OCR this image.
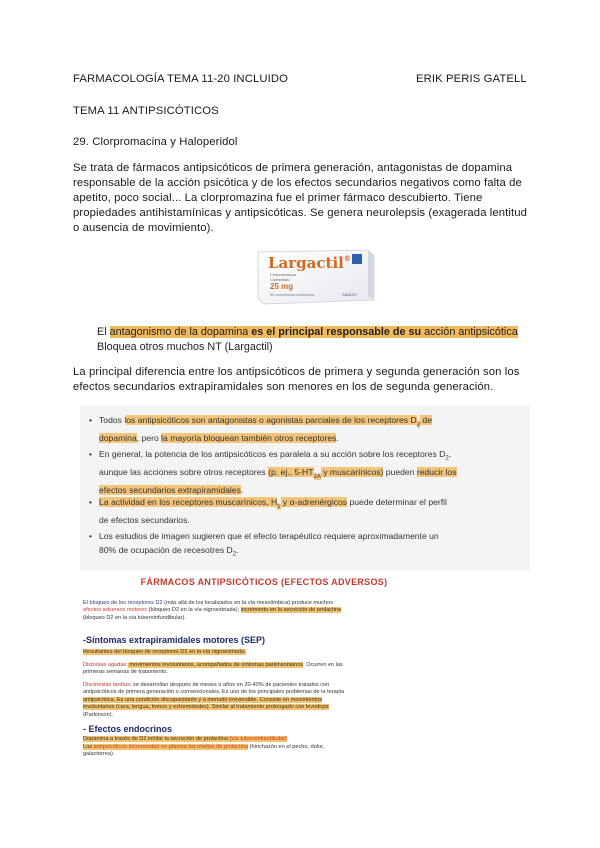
FARMACOLOGÍA TEMA 11-20 INCLUIDO	ERIK PERIS GATELL
TEMA 11 ANTIPSICÓTICOS
29. Clorpromacina y Haloperidol
Se trata de fármacos antipsicóticos de primera generación, antagonistas de dopamina responsable de la acción psicótica y de los efectos secundarios negativos como falta de apetito, poco social... La clorpromazina fue el primer fármaco descubierto. Tiene propiedades antihistamínicas y antipsicóticas. Se genera neurolepsis (exagerada lentitud o ausencia de movimiento).
Largactil®
Clorpromacina
Clorhidrato
25 mg
50 comprimidos recubiertos	SANOFI
El antagonismo de la dopamina es el principal responsable de su acción antipsicótica
Bloquea otros muchos NT (Largactil)
La principal diferencia entre los antipsicóticos de primera y segunda generación son los efectos secundarios extrapiramidales son menores en los de segunda generación.
• Todos los antipsicóticos son antagonistas o agonistas parciales de los receptores $D_2$ de
dopamina, pero la mayoría bloquean también otros receptores.
• En general, la potencia de los antipsicóticos es paralela a su acción sobre los receptores $D_2$,
aunque las acciones sobre otros receptores (p. ej., $5-HT_{2A}$ y muscarínicos) pueden reducir los
efectos secundarios extrapiramidales.
• La actividad en los receptores muscarínicos, $H_1$ y α-adrenérgicos puede determinar el perfil
de efectos secundarios.
• Los estudios de imagen sugieren que el efecto terapéutico requiere aproximadamente un
80% de ocupación de recesotres $D_2$.
FÁRMACOS ANTIPSICÓTICOS (EFECTOS ADVERSOS)
El bloqueo de los receptores D2 (más allá de los localizados en la vía mesolímbica) produce muchos
efectos adversos motores (bloqueo D2 en la vía nigroestriada); incremento en la secreción de prolactina
(bloqueo D2 en la vía tuberoinfundibular).
-Síntomas extrapiramidales motores (SEP)
Resultantes del bloqueo de receptores D2 en la vía nigroestriada.
Distonías agudas: movimientos involuntarios, acompañados de síntomas parkinsonianos. Ocurren en las
primeras semanas de tratamiento.
Discinesias tardías: se desarrollan después de meses o años en 20-40% de pacientes tratados con
antipsicóticos de primera generación o convencionales. Es uno de los principales problemas de la terapia
antipsicótica. Es una condición discapacitante y a menudo irreversible. Consiste en movimientos
involuntarios (cara, lengua, tronco y extremidades). Similar al tratamiento prolongado con levodopa
(Parkinson).
- Efectos endocrinos
Dopamina a través de D2 inhibe la secreción de prolactina (vía tuberoinfundibular)
Los antipsicóticos incrementan en plasma los niveles de prolactina (hinchazón en el pecho, dolor,
galactorrea).
